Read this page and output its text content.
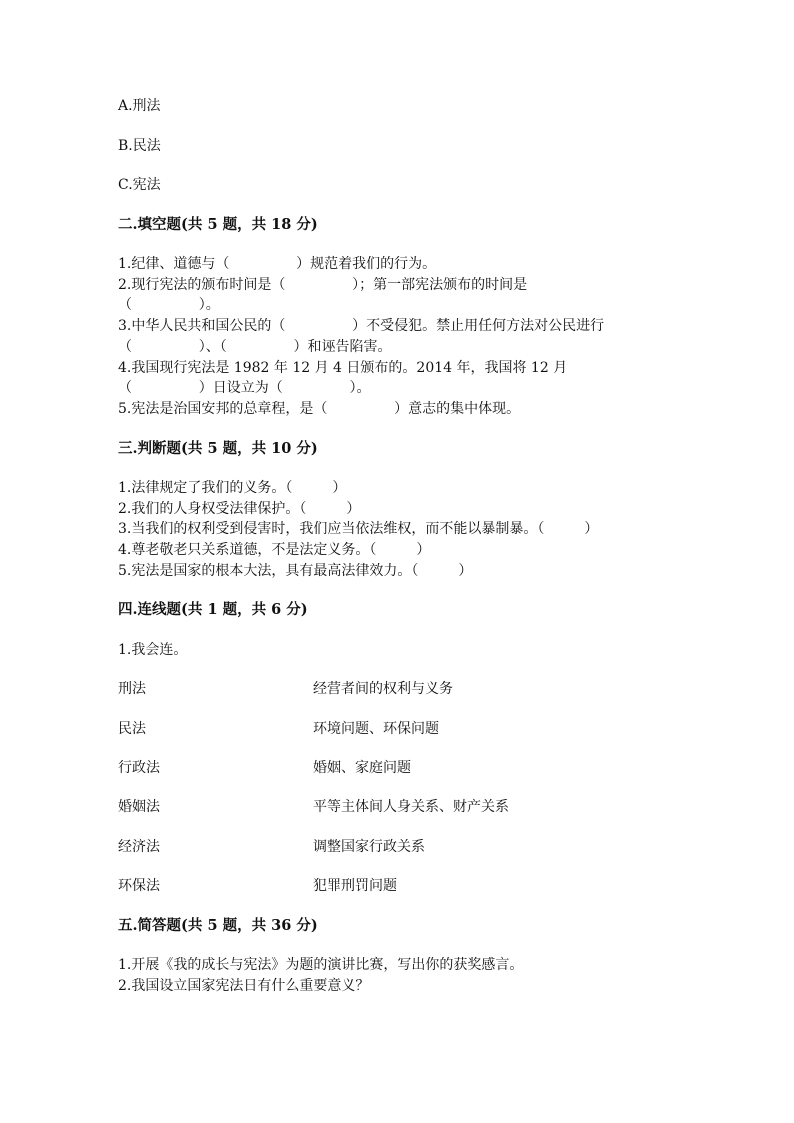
A.刑法
B.民法
C.宪法
二.填空题(共 5 题，共 18 分)
1.纪律、道德与（               ）规范着我们的行为。
2.现行宪法的颁布时间是（               ）；第一部宪法颁布的时间是
（               ）。
3.中华人民共和国公民的（               ）不受侵犯。禁止用任何方法对公民进行
（               ）、（               ）和诬告陷害。
4.我国现行宪法是 1982 年 12 月 4 日颁布的。2014 年，我国将 12 月
（               ）日设立为（               ）。
5.宪法是治国安邦的总章程，是（               ）意志的集中体现。
三.判断题(共 5 题，共 10 分)
1.法律规定了我们的义务。（         ）
2.我们的人身权受法律保护。（         ）
3.当我们的权利受到侵害时，我们应当依法维权，而不能以暴制暴。（         ）
4.尊老敬老只关系道德，不是法定义务。（         ）
5.宪法是国家的根本大法，具有最高法律效力。（         ）
四.连线题(共 1 题，共 6 分)
1.我会连。
刑法	经营者间的权利与义务
民法	环境问题、环保问题
行政法	婚姻、家庭问题
婚姻法	平等主体间人身关系、财产关系
经济法	调整国家行政关系
环保法	犯罪刑罚问题
五.简答题(共 5 题，共 36 分)
1.开展《我的成长与宪法》为题的演讲比赛，写出你的获奖感言。
2.我国设立国家宪法日有什么重要意义？
